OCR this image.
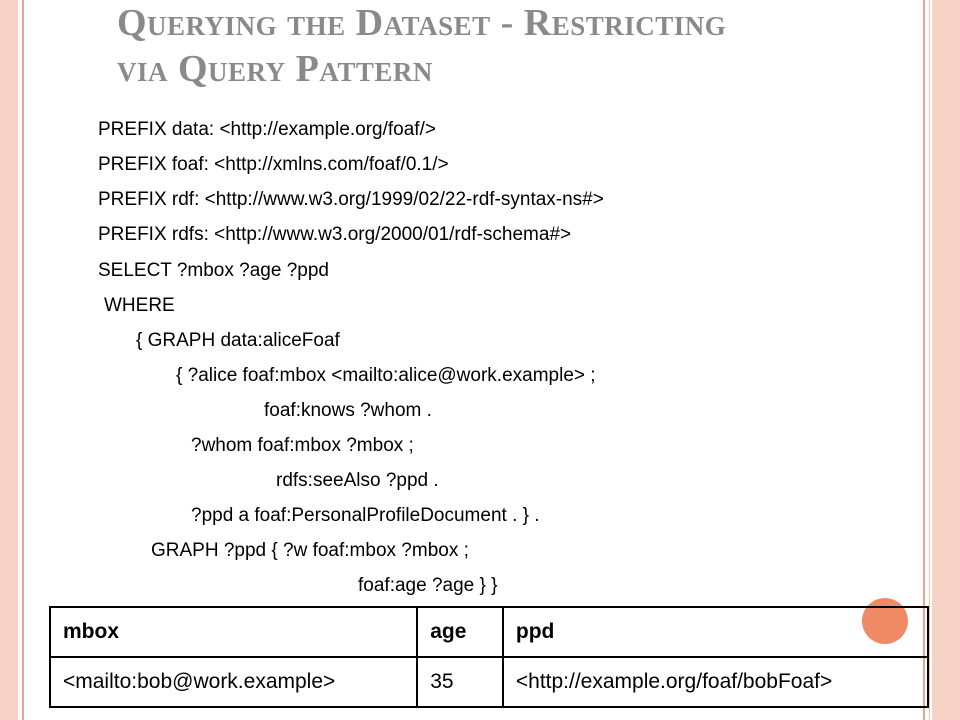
Querying the Dataset - Restricting
via Query Pattern
PREFIX data: <http://example.org/foaf/>
PREFIX foaf: <http://xmlns.com/foaf/0.1/>
PREFIX rdf: <http://www.w3.org/1999/02/22-rdf-syntax-ns#>
PREFIX rdfs: <http://www.w3.org/2000/01/rdf-schema#>
SELECT ?mbox ?age ?ppd
WHERE
{ GRAPH data:aliceFoaf
{ ?alice foaf:mbox <mailto:alice@work.example> ;
foaf:knows ?whom .
?whom foaf:mbox ?mbox ;
rdfs:seeAlso ?ppd .
?ppd a foaf:PersonalProfileDocument . } .
GRAPH ?ppd { ?w foaf:mbox ?mbox ;
foaf:age ?age } }
mbox	age	ppd
<mailto:bob@work.example>	35	<http://example.org/foaf/bobFoaf>
